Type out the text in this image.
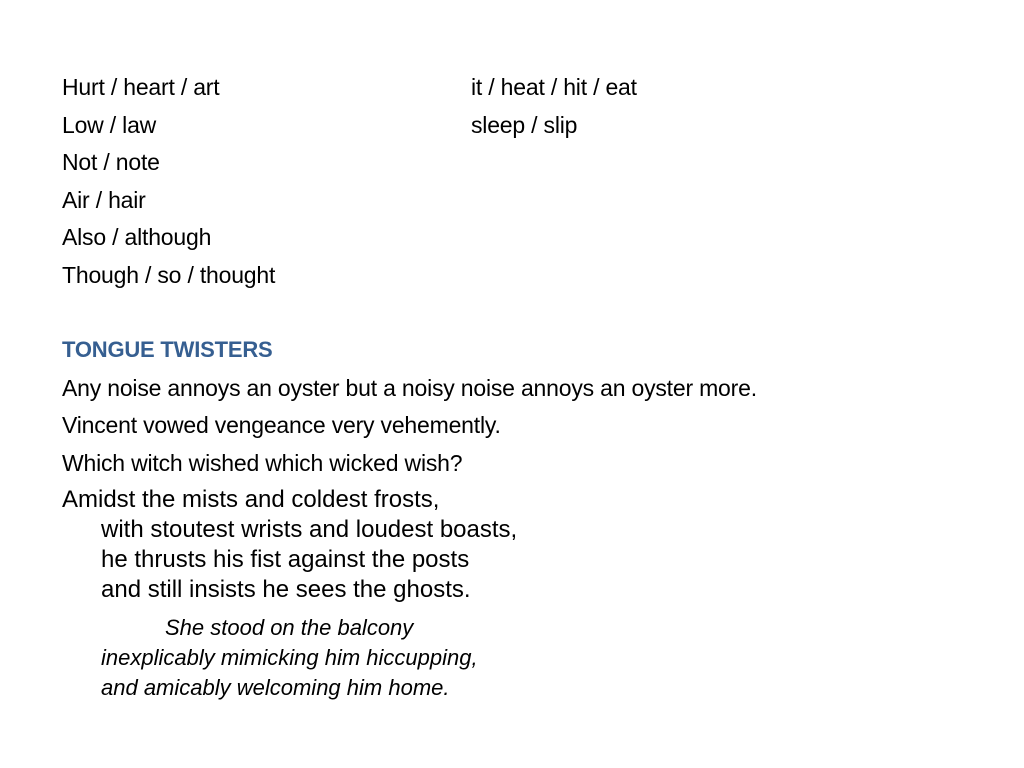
Hurt / heart / art
Low / law
Not / note
Air / hair
Also / although
Though / so / thought
it / heat / hit / eat
sleep / slip
TONGUE TWISTERS
Any noise annoys an oyster but a noisy noise annoys an oyster more.
Vincent vowed vengeance very vehemently.
Which witch wished which wicked wish?
Amidst the mists and coldest frosts,
with stoutest wrists and loudest boasts,
he thrusts his fist against the posts
and still insists he sees the ghosts.
She stood on the balcony
inexplicably mimicking him hiccupping,
and amicably welcoming him home.
